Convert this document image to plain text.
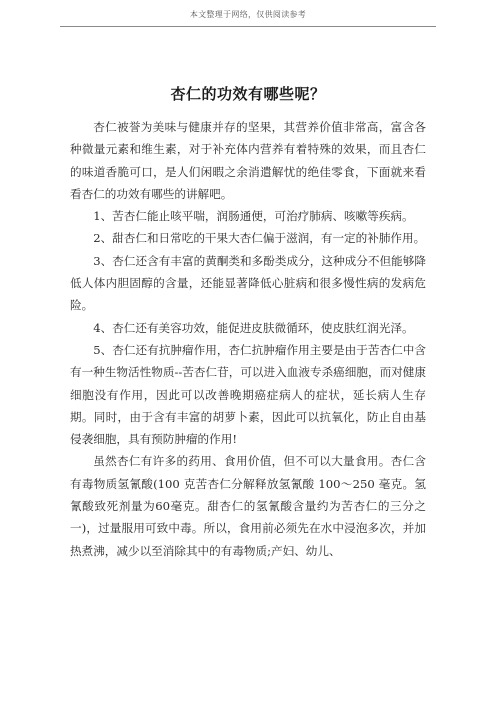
本文整理于网络，仅供阅读参考
杏仁的功效有哪些呢？

杏仁被誉为美味与健康并存的坚果，其营养价值非常高，富含各种微量元素和维生素，对于补充体内营养有着特殊的效果，而且杏仁的味道香脆可口，是人们闲暇之余消遣解忧的绝佳零食，下面就来看看杏仁的功效有哪些的讲解吧。

1、苦杏仁能止咳平喘，润肠通便，可治疗肺病、咳嗽等疾病。

2、甜杏仁和日常吃的干果大杏仁偏于滋润，有一定的补肺作用。

3、杏仁还含有丰富的黄酮类和多酚类成分，这种成分不但能够降低人体内胆固醇的含量，还能显著降低心脏病和很多慢性病的发病危险。

4、杏仁还有美容功效，能促进皮肤微循环，使皮肤红润光泽。

5、杏仁还有抗肿瘤作用，杏仁抗肿瘤作用主要是由于苦杏仁中含有一种生物活性物质--苦杏仁苷，可以进入血液专杀癌细胞，而对健康细胞没有作用，因此可以改善晚期癌症病人的症状，延长病人生存期。同时，由于含有丰富的胡萝卜素，因此可以抗氧化，防止自由基侵袭细胞，具有预防肿瘤的作用!

虽然杏仁有许多的药用、食用价值，但不可以大量食用。杏仁含有毒物质氢氰酸(100 克苦杏仁分解释放氢氰酸 100～250 毫克。氢氰酸致死剂量为60毫克。甜杏仁的氢氰酸含量约为苦杏仁的三分之一)，过量服用可致中毒。所以，食用前必须先在水中浸泡多次，并加热煮沸，减少以至消除其中的有毒物质;产妇、幼儿、
